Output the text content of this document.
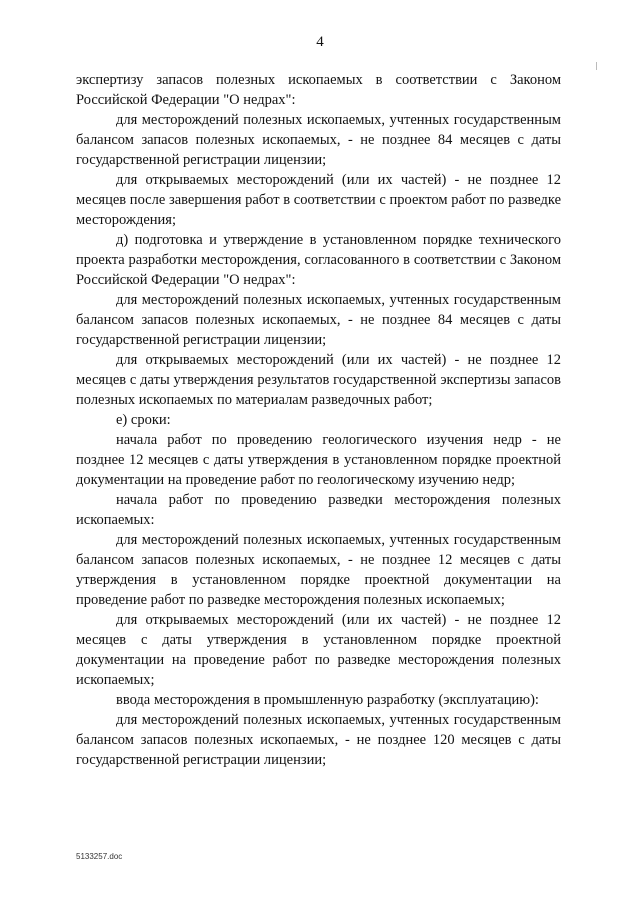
4

экспертизу запасов полезных ископаемых в соответствии с Законом Российской Федерации "О недрах":

для месторождений полезных ископаемых, учтенных государственным балансом запасов полезных ископаемых, - не позднее 84 месяцев с даты государственной регистрации лицензии;

для открываемых месторождений (или их частей) - не позднее 12 месяцев после завершения работ в соответствии с проектом работ по разведке месторождения;

д) подготовка и утверждение в установленном порядке технического проекта разработки месторождения, согласованного в соответствии с Законом Российской Федерации "О недрах":

для месторождений полезных ископаемых, учтенных государственным балансом запасов полезных ископаемых, - не позднее 84 месяцев с даты государственной регистрации лицензии;

для открываемых месторождений (или их частей) - не позднее 12 месяцев с даты утверждения результатов государственной экспертизы запасов полезных ископаемых по материалам разведочных работ;

е) сроки:

начала работ по проведению геологического изучения недр - не позднее 12 месяцев с даты утверждения в установленном порядке проектной документации на проведение работ по геологическому изучению недр;

начала работ по проведению разведки месторождения полезных ископаемых:

для месторождений полезных ископаемых, учтенных государственным балансом запасов полезных ископаемых, - не позднее 12 месяцев с даты утверждения в установленном порядке проектной документации на проведение работ по разведке месторождения полезных ископаемых;

для открываемых месторождений (или их частей) - не позднее 12 месяцев с даты утверждения в установленном порядке проектной документации на проведение работ по разведке месторождения полезных ископаемых;

ввода месторождения в промышленную разработку (эксплуатацию):

для месторождений полезных ископаемых, учтенных государственным балансом запасов полезных ископаемых, - не позднее 120 месяцев с даты государственной регистрации лицензии;

5133257.doc
